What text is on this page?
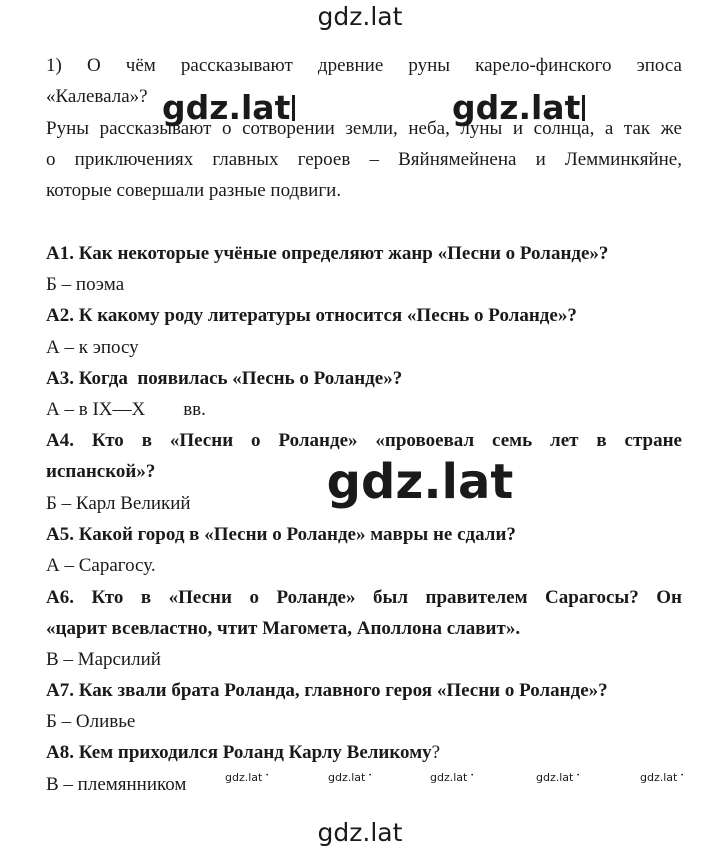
gdz.lat
1) О чём рассказывают древние руны карело-финского эпоса
«Калевала»?
Руны рассказывают о сотворении земли, неба, луны и солнца, а так же
о приключениях главных героев – Вяйнямейнена и Лемминкяйне,
которые совершали разные подвиги.
gdz.lat	gdz.lat
А1. Как некоторые учёные определяют жанр «Песни о Роланде»?
Б – поэма
А2. К какому роду литературы относится «Песнь о Роланде»?
А – к эпосу
А3. Когда  появилась «Песнь о Роланде»?
А – в IX—X        вв.
А4. Кто в «Песни о Роланде» «провоевал семь лет в стране
испанской»?
Б – Карл Великий	gdz.lat
А5. Какой город в «Песни о Роланде» мавры не сдали?
А – Сарагосу.
А6. Кто в «Песни о Роланде» был правителем Сарагосы? Он
«царит всевластно, чтит Магомета, Аполлона славит».
В – Марсилий
А7. Как звали брата Роланда, главного героя «Песни о Роланде»?
Б – Оливье
А8. Кем приходился Роланд Карлу Великому?
В – племянником	gdz.lat •	gdz.lat •	gdz.lat •	gdz.lat •	gdz.lat •
gdz.lat
